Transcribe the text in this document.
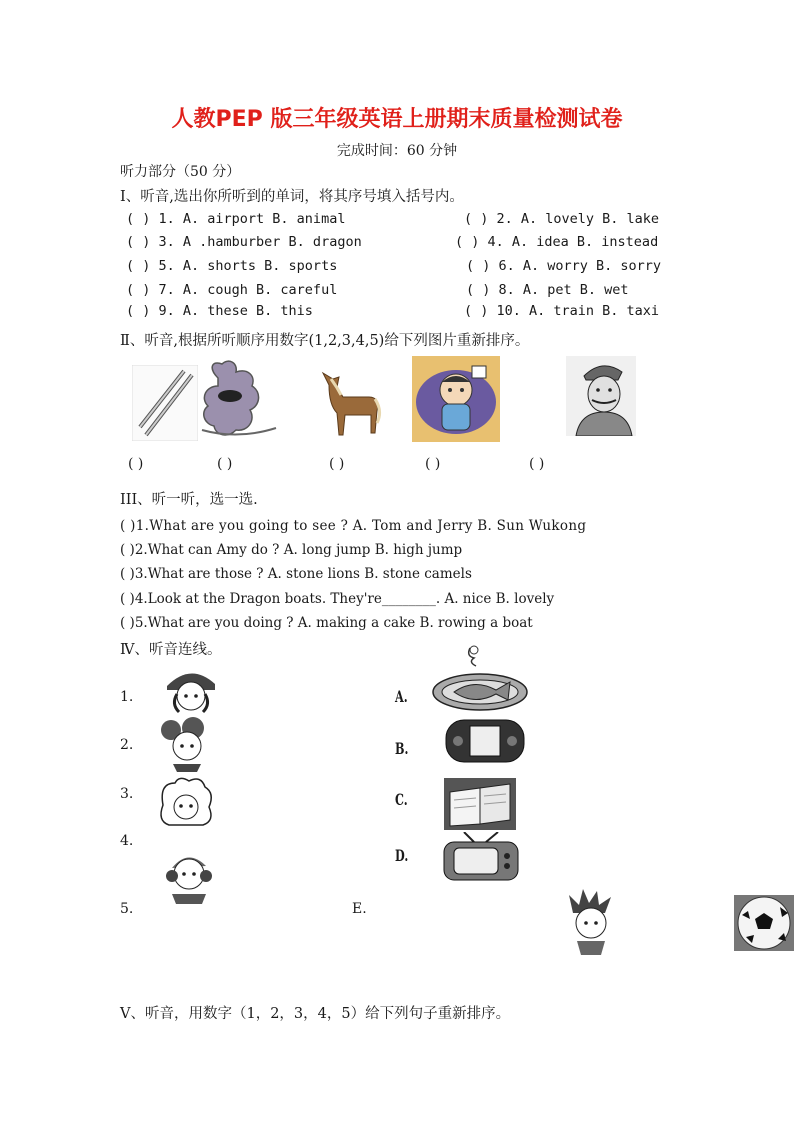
人教PEP 版三年级英语上册期末质量检测试卷
完成时间：60 分钟
听力部分（50 分）
Ⅰ、听音,选出你所听到的单词，将其序号填入括号内。
( ) 1. A. airport B. animal	( ) 2. A. lovely B. lake
( ) 3. A .hamburber B. dragon	( ) 4. A. idea B. instead
( ) 5. A. shorts B. sports	( ) 6. A. worry B. sorry
( ) 7. A. cough B. careful	( ) 8. A. pet B. wet
( ) 9. A. these B. this	( ) 10. A. train B. taxi
Ⅱ、听音,根据所听顺序用数字(1,2,3,4,5)给下列图片重新排序。
( )	( )	( )	( )	( )
III、听一听，选一选.
( )1.What are you going to see ? A. Tom and Jerry B. Sun Wukong
( )2.What can Amy do ? A. long jump B. high jump
( )3.What are those ? A. stone lions B. stone camels
( )4.Look at the Dragon boats. They're________. A. nice B. lovely
( )5.What are you doing ? A. making a cake B. rowing a boat
Ⅳ、听音连线。
1.
2.
3.
4.
5.
A.
B.
C.
D.
E.
Ⅴ、听音，用数字（1，2，3，4，5）给下列句子重新排序。
